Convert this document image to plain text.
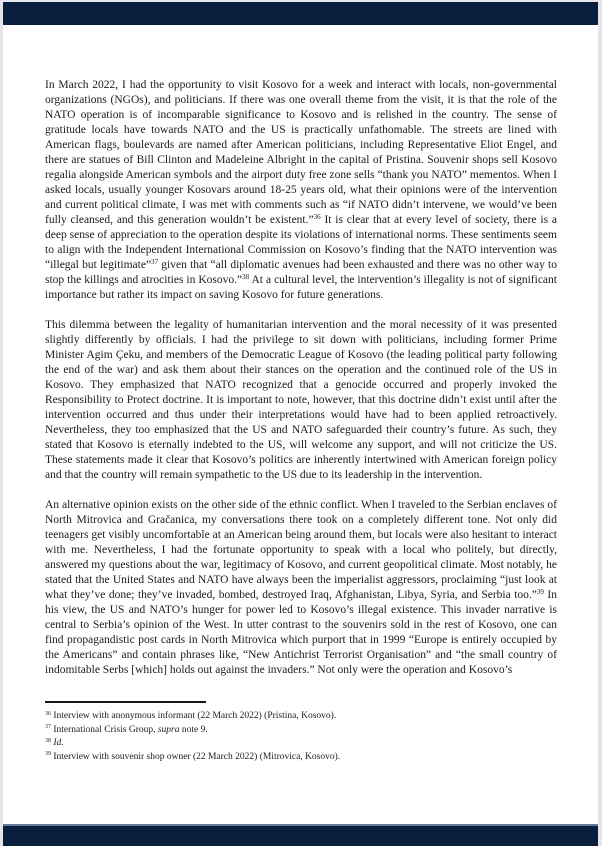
In March 2022, I had the opportunity to visit Kosovo for a week and interact with locals, non-governmental organizations (NGOs), and politicians. If there was one overall theme from the visit, it is that the role of the NATO operation is of incomparable significance to Kosovo and is relished in the country. The sense of gratitude locals have towards NATO and the US is practically unfathomable. The streets are lined with American flags, boulevards are named after American politicians, including Representative Eliot Engel, and there are statues of Bill Clinton and Madeleine Albright in the capital of Pristina. Souvenir shops sell Kosovo regalia alongside American symbols and the airport duty free zone sells “thank you NATO” mementos. When I asked locals, usually younger Kosovars around 18-25 years old, what their opinions were of the intervention and current political climate, I was met with comments such as “if NATO didn’t intervene, we would’ve been fully cleansed, and this generation wouldn’t be existent.”$^{36}$ It is clear that at every level of society, there is a deep sense of appreciation to the operation despite its violations of international norms. These sentiments seem to align with the Independent International Commission on Kosovo’s finding that the NATO intervention was “illegal but legitimate”$^{37}$ given that “all diplomatic avenues had been exhausted and there was no other way to stop the killings and atrocities in Kosovo.”$^{38}$ At a cultural level, the intervention’s illegality is not of significant importance but rather its impact on saving Kosovo for future generations.

This dilemma between the legality of humanitarian intervention and the moral necessity of it was presented slightly differently by officials. I had the privilege to sit down with politicians, including former Prime Minister Agim Çeku, and members of the Democratic League of Kosovo (the leading political party following the end of the war) and ask them about their stances on the operation and the continued role of the US in Kosovo. They emphasized that NATO recognized that a genocide occurred and properly invoked the Responsibility to Protect doctrine. It is important to note, however, that this doctrine didn’t exist until after the intervention occurred and thus under their interpretations would have had to been applied retroactively. Nevertheless, they too emphasized that the US and NATO safeguarded their country’s future. As such, they stated that Kosovo is eternally indebted to the US, will welcome any support, and will not criticize the US. These statements made it clear that Kosovo’s politics are inherently intertwined with American foreign policy and that the country will remain sympathetic to the US due to its leadership in the intervention.

An alternative opinion exists on the other side of the ethnic conflict. When I traveled to the Serbian enclaves of North Mitrovica and Gračanica, my conversations there took on a completely different tone. Not only did teenagers get visibly uncomfortable at an American being around them, but locals were also hesitant to interact with me. Nevertheless, I had the fortunate opportunity to speak with a local who politely, but directly, answered my questions about the war, legitimacy of Kosovo, and current geopolitical climate. Most notably, he stated that the United States and NATO have always been the imperialist aggressors, proclaiming “just look at what they’ve done; they’ve invaded, bombed, destroyed Iraq, Afghanistan, Libya, Syria, and Serbia too.”$^{39}$ In his view, the US and NATO’s hunger for power led to Kosovo’s illegal existence. This invader narrative is central to Serbia’s opinion of the West. In utter contrast to the souvenirs sold in the rest of Kosovo, one can find propagandistic post cards in North Mitrovica which purport that in 1999 “Europe is entirely occupied by the Americans” and contain phrases like, “New Antichrist Terrorist Organisation” and “the small country of indomitable Serbs [which] holds out against the invaders.” Not only were the operation and Kosovo’s

$^{36}$ Interview with anonymous informant (22 March 2022) (Pristina, Kosovo).
$^{37}$ International Crisis Group, supra note 9.
$^{38}$ Id.
$^{39}$ Interview with souvenir shop owner (22 March 2022) (Mitrovica, Kosovo).
